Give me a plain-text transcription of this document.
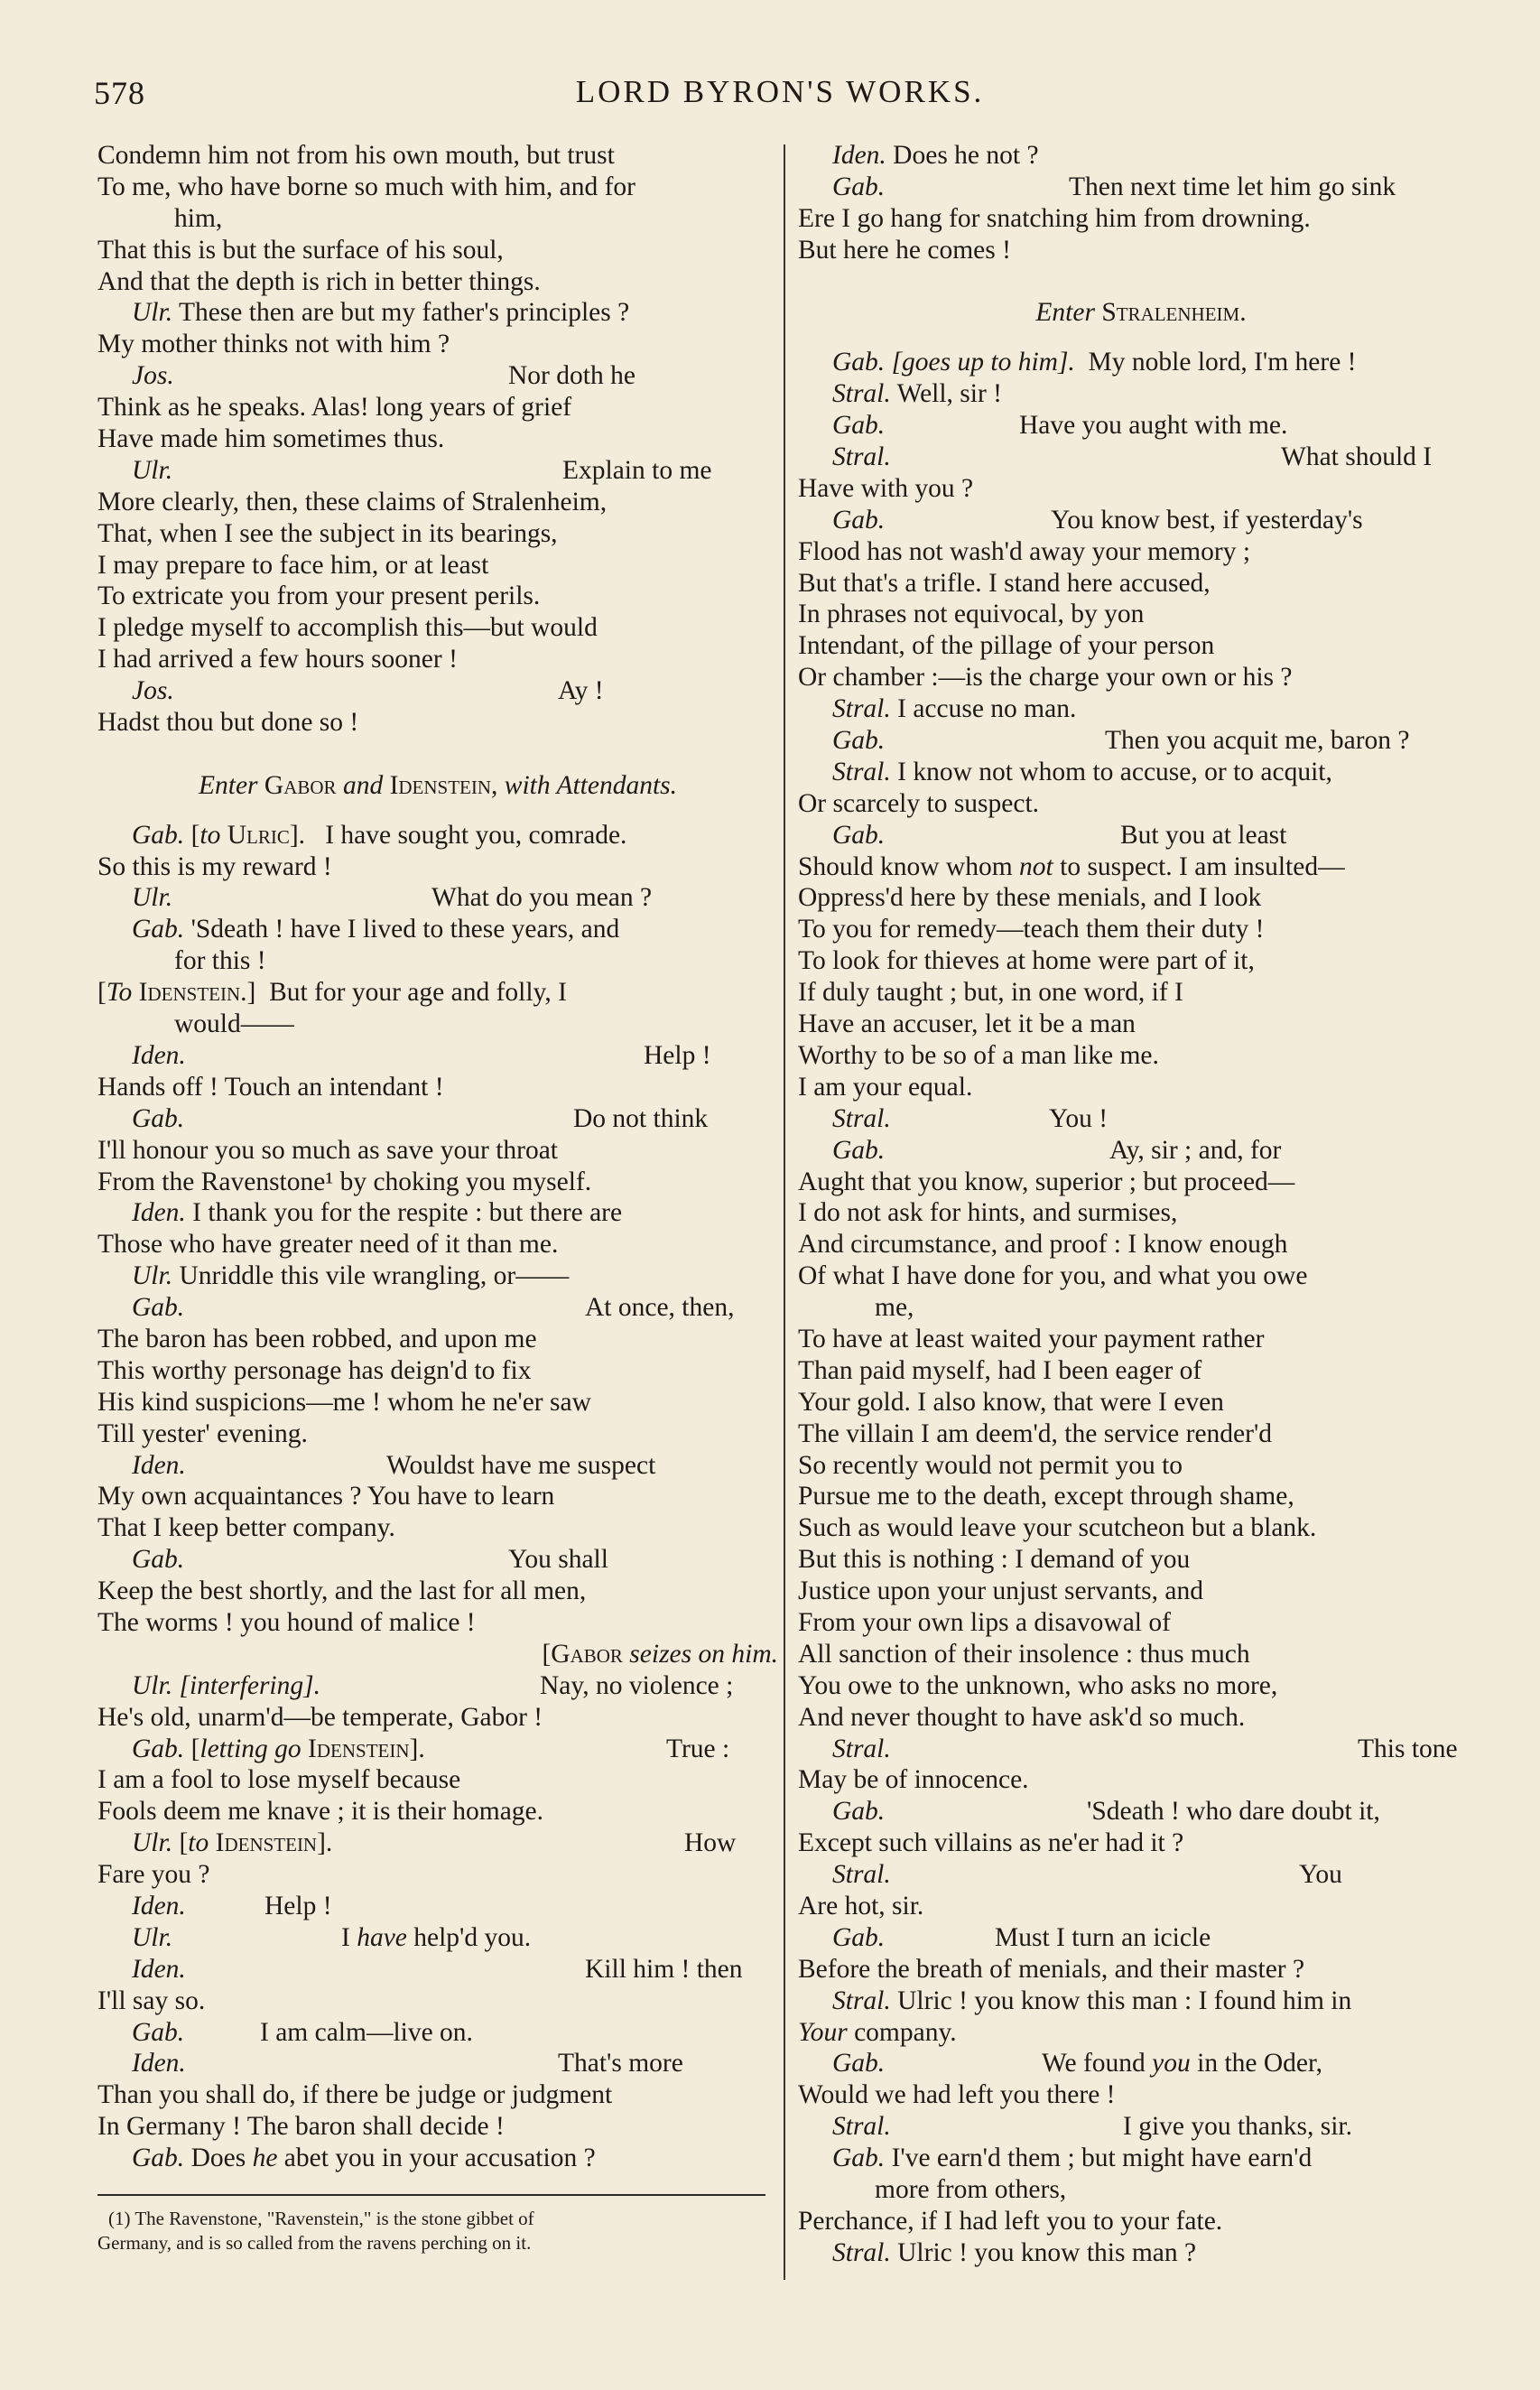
578	LORD BYRON'S WORKS.
Condemn him not from his own mouth, but trust
To me, who have borne so much with him, and for
him,
That this is but the surface of his soul,
And that the depth is rich in better things.
Ulr. These then are but my father's principles ?
My mother thinks not with him ?
Jos.	Nor doth he
Think as he speaks. Alas! long years of grief
Have made him sometimes thus.
Ulr.	Explain to me
More clearly, then, these claims of Stralenheim,
That, when I see the subject in its bearings,
I may prepare to face him, or at least
To extricate you from your present perils.
I pledge myself to accomplish this—but would
I had arrived a few hours sooner !
Jos.	Ay !
Hadst thou but done so !
Enter Gabor and Idenstein, with Attendants.
Gab. [to Ulric]. I have sought you, comrade.
So this is my reward !
Ulr.	What do you mean ?
Gab. 'Sdeath ! have I lived to these years, and
for this !
[To Idenstein.] But for your age and folly, I
would——
Iden.	Help !
Hands off ! Touch an intendant !
Gab.	Do not think
I'll honour you so much as save your throat
From the Ravenstone¹ by choking you myself.
Iden. I thank you for the respite : but there are
Those who have greater need of it than me.
Ulr. Unriddle this vile wrangling, or——
Gab.	At once, then,
The baron has been robbed, and upon me
This worthy personage has deign'd to fix
His kind suspicions—me ! whom he ne'er saw
Till yester' evening.
Iden.	Wouldst have me suspect
My own acquaintances ? You have to learn
That I keep better company.
Gab.	You shall
Keep the best shortly, and the last for all men,
The worms ! you hound of malice !
[Gabor seizes on him.
Ulr. [interfering].	Nay, no violence ;
He's old, unarm'd—be temperate, Gabor !
Gab. [letting go Idenstein].	True :
I am a fool to lose myself because
Fools deem me knave ; it is their homage.
Ulr. [to Idenstein].	How
Fare you ?
Iden.	Help !
Ulr.	I have help'd you.
Iden.	Kill him ! then
I'll say so.
Gab.	I am calm—live on.
Iden.	That's more
Than you shall do, if there be judge or judgment
In Germany ! The baron shall decide !
Gab. Does he abet you in your accusation ?
(1) The Ravenstone, "Ravenstein," is the stone gibbet of
Germany, and is so called from the ravens perching on it.
Iden. Does he not ?
Gab.	Then next time let him go sink
Ere I go hang for snatching him from drowning.
But here he comes !
Enter Stralenheim.
Gab. [goes up to him]. My noble lord, I'm here !
Stral. Well, sir !
Gab.	Have you aught with me.
Stral.	What should I
Have with you ?
Gab.	You know best, if yesterday's
Flood has not wash'd away your memory ;
But that's a trifle. I stand here accused,
In phrases not equivocal, by yon
Intendant, of the pillage of your person
Or chamber :—is the charge your own or his ?
Stral. I accuse no man.
Gab.	Then you acquit me, baron ?
Stral. I know not whom to accuse, or to acquit,
Or scarcely to suspect.
Gab.	But you at least
Should know whom not to suspect. I am insulted—
Oppress'd here by these menials, and I look
To you for remedy—teach them their duty !
To look for thieves at home were part of it,
If duly taught ; but, in one word, if I
Have an accuser, let it be a man
Worthy to be so of a man like me.
I am your equal.
Stral.	You !
Gab.	Ay, sir ; and, for
Aught that you know, superior ; but proceed—
I do not ask for hints, and surmises,
And circumstance, and proof : I know enough
Of what I have done for you, and what you owe
me,
To have at least waited your payment rather
Than paid myself, had I been eager of
Your gold. I also know, that were I even
The villain I am deem'd, the service render'd
So recently would not permit you to
Pursue me to the death, except through shame,
Such as would leave your scutcheon but a blank.
But this is nothing : I demand of you
Justice upon your unjust servants, and
From your own lips a disavowal of
All sanction of their insolence : thus much
You owe to the unknown, who asks no more,
And never thought to have ask'd so much.
Stral.	This tone
May be of innocence.
Gab.	'Sdeath ! who dare doubt it,
Except such villains as ne'er had it ?
Stral.	You
Are hot, sir.
Gab.	Must I turn an icicle
Before the breath of menials, and their master ?
Stral. Ulric ! you know this man : I found him in
Your company.
Gab.	We found you in the Oder,
Would we had left you there !
Stral.	I give you thanks, sir.
Gab. I've earn'd them ; but might have earn'd
more from others,
Perchance, if I had left you to your fate.
Stral. Ulric ! you know this man ?
